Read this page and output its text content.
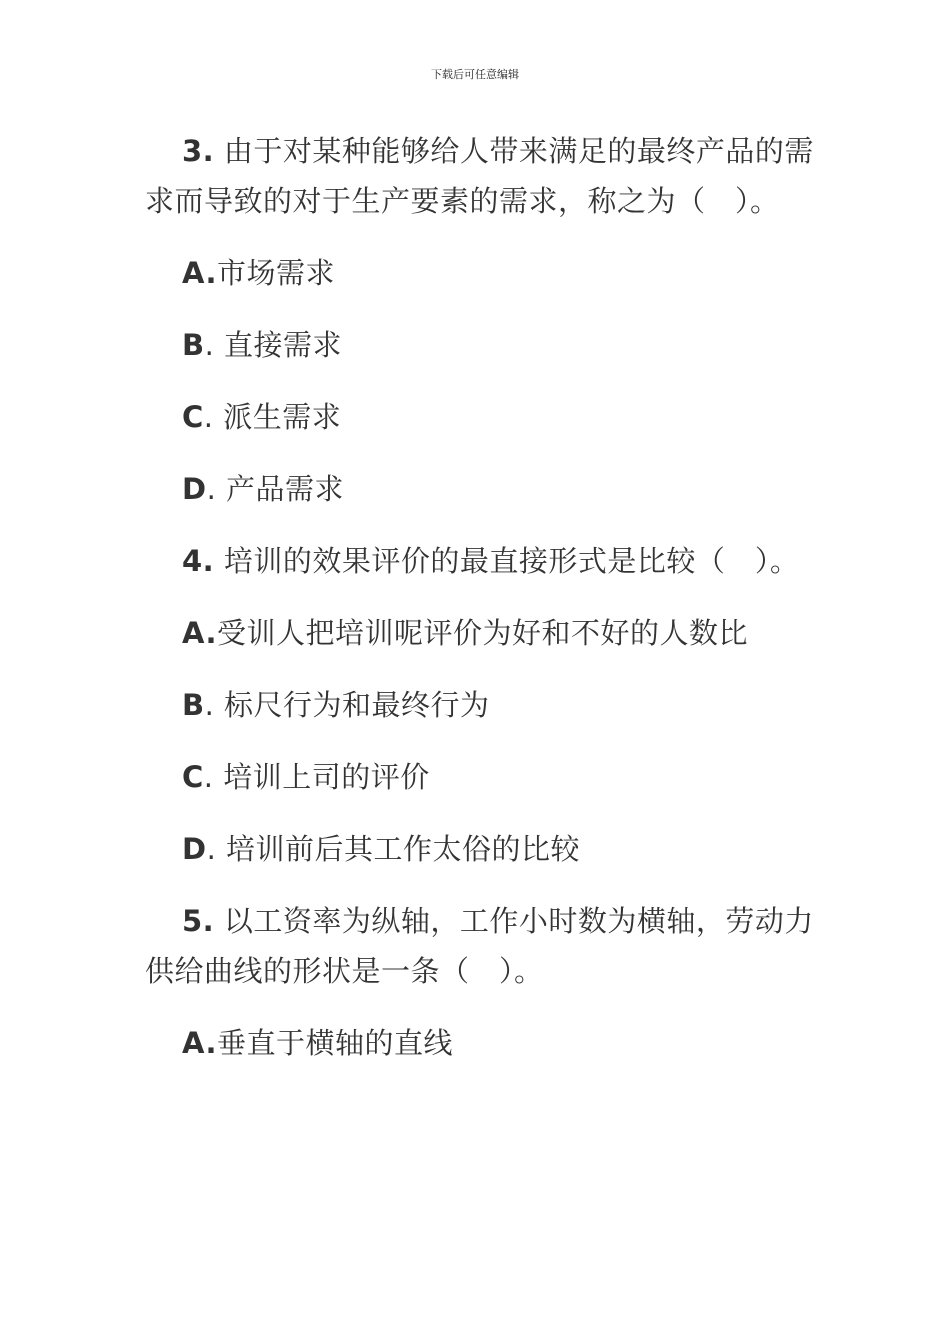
下载后可任意编辑

3. 由于对某种能够给人带来满足的最终产品的需求而导致的对于生产要素的需求，称之为（　）。

A.市场需求

B. 直接需求

C. 派生需求

D. 产品需求

4. 培训的效果评价的最直接形式是比较（　）。

A.受训人把培训呢评价为好和不好的人数比

B. 标尺行为和最终行为

C. 培训上司的评价

D. 培训前后其工作太俗的比较

5. 以工资率为纵轴，工作小时数为横轴，劳动力供给曲线的形状是一条（　）。

A.垂直于横轴的直线
